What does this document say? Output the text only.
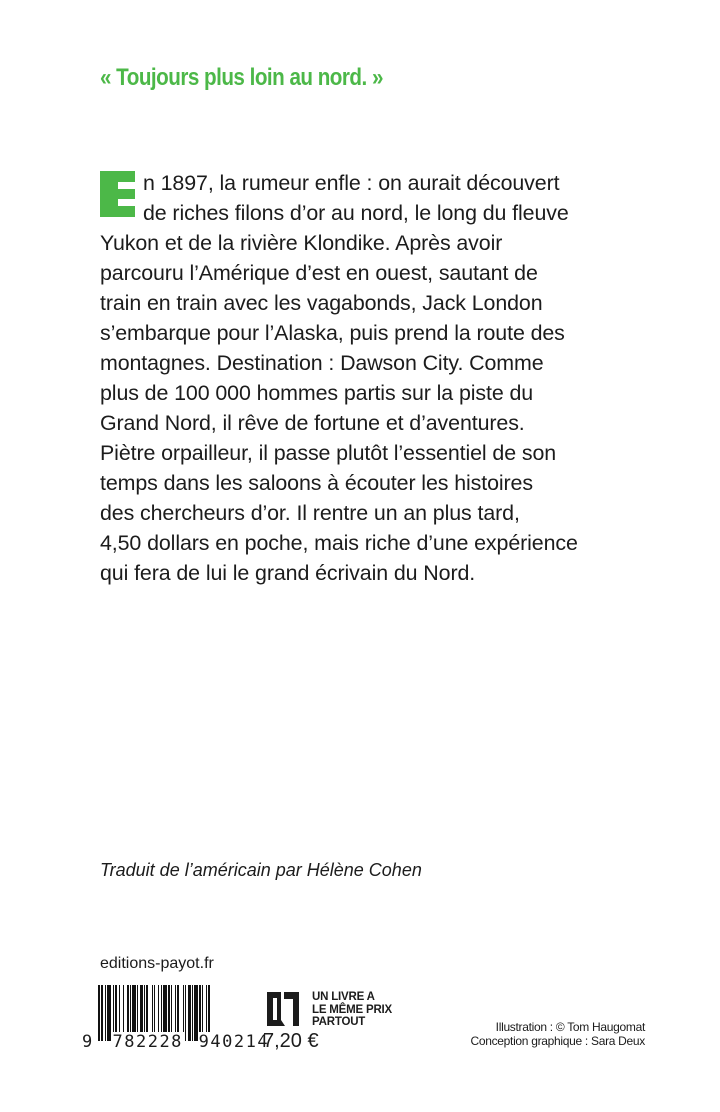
« Toujours plus loin au nord. »
n 1897, la rumeur enfle : on aurait découvert
de riches filons d’or au nord, le long du fleuve
Yukon et de la rivière Klondike. Après avoir
parcouru l’Amérique d’est en ouest, sautant de
train en train avec les vagabonds, Jack London
s’embarque pour l’Alaska, puis prend la route des
montagnes. Destination : Dawson City. Comme
plus de 100 000 hommes partis sur la piste du
Grand Nord, il rêve de fortune et d’aventures.
Piètre orpailleur, il passe plutôt l’essentiel de son
temps dans les saloons à écouter les histoires
des chercheurs d’or. Il rentre un an plus tard,
4,50 dollars en poche, mais riche d’une expérience
qui fera de lui le grand écrivain du Nord.
Traduit de l’américain par Hélène Cohen
editions-payot.fr
9 782228 940214
UN LIVRE A
LE MÊME PRIX
PARTOUT
7,20 €
Illustration : © Tom Haugomat
Conception graphique : Sara Deux
